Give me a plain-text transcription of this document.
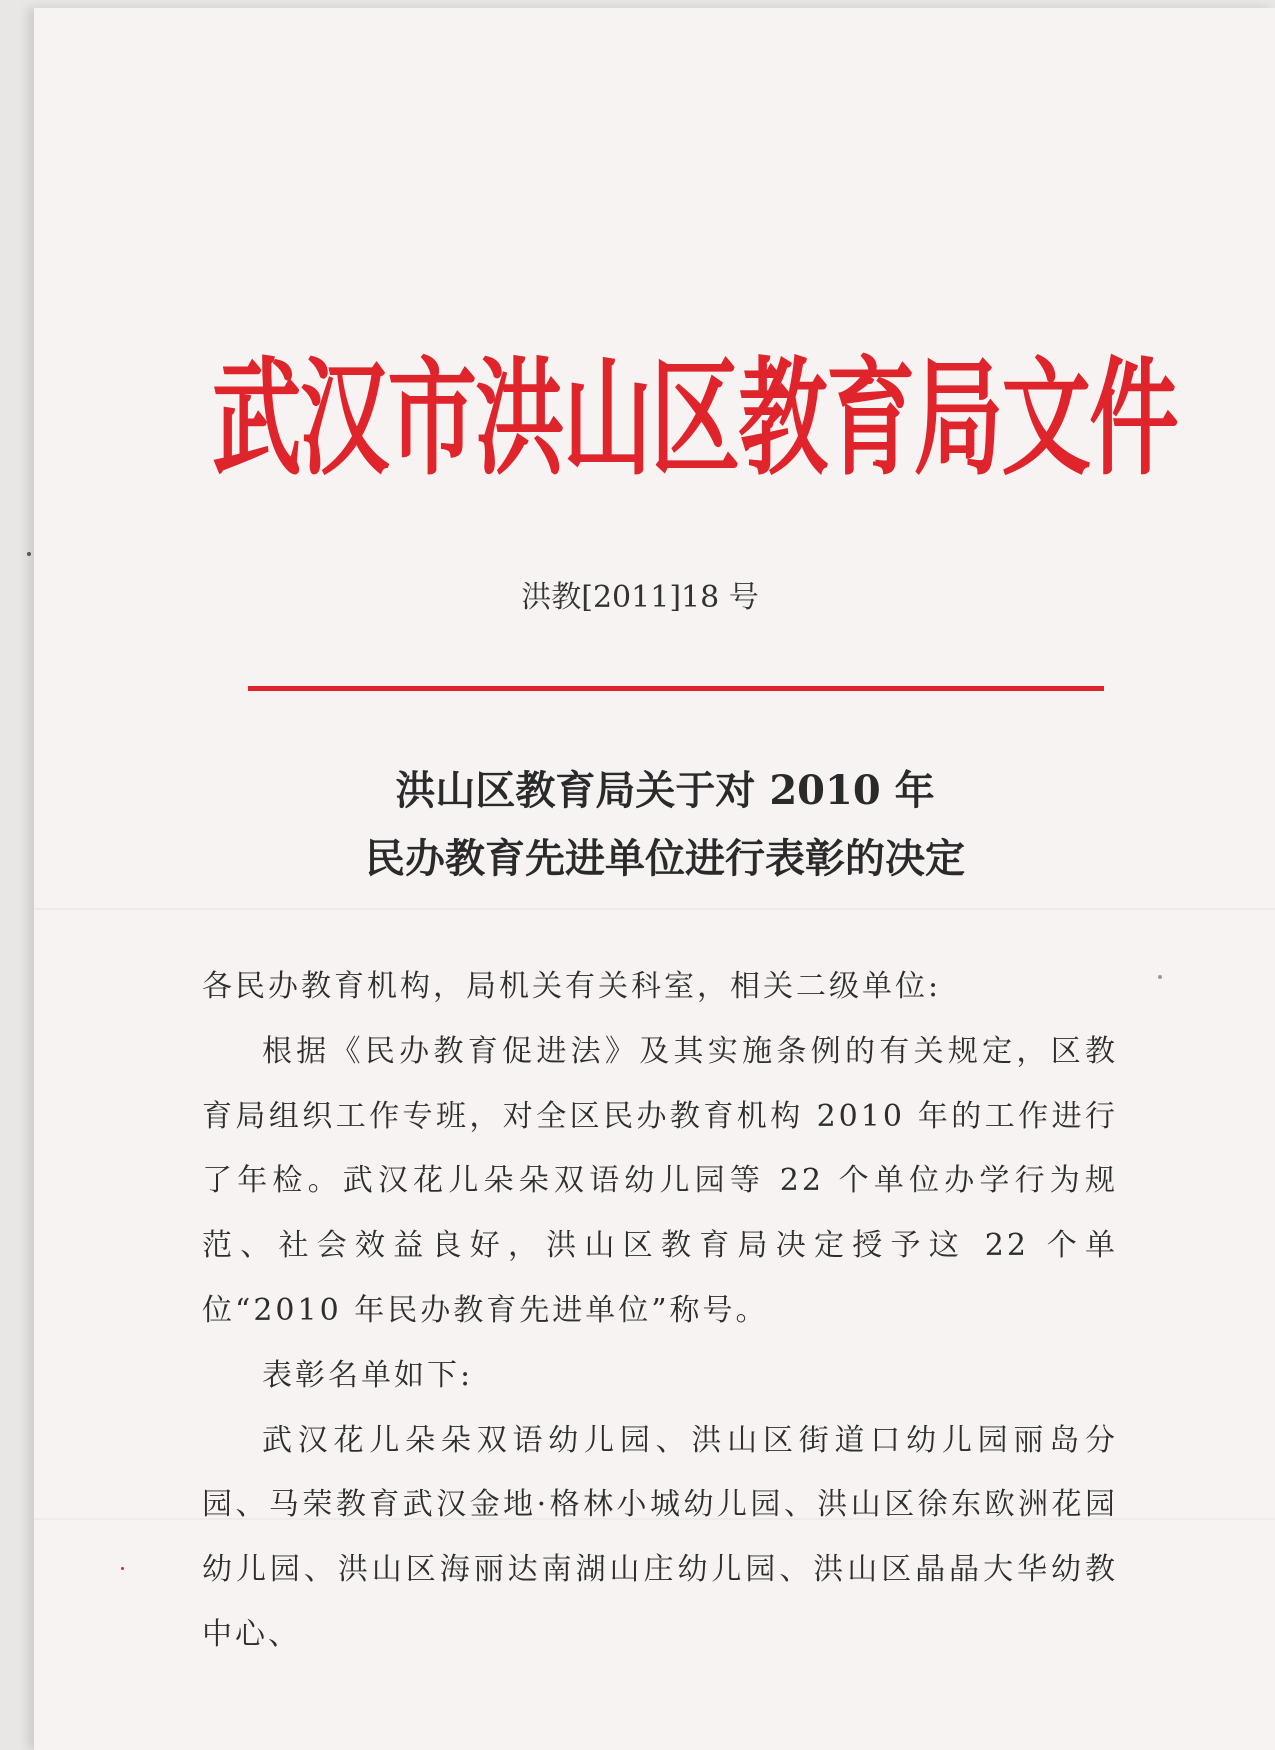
武汉市洪山区教育局文件
洪教[2011]18 号
洪山区教育局关于对 2010 年
民办教育先进单位进行表彰的决定

各民办教育机构，局机关有关科室，相关二级单位:

根据《民办教育促进法》及其实施条例的有关规定，区教育局组织工作专班，对全区民办教育机构 2010 年的工作进行了年检。武汉花儿朵朵双语幼儿园等 22 个单位办学行为规范、社会效益良好，洪山区教育局决定授予这 22 个单位“2010 年民办教育先进单位”称号。

表彰名单如下:

武汉花儿朵朵双语幼儿园、洪山区街道口幼儿园丽岛分园、马荣教育武汉金地·格林小城幼儿园、洪山区徐东欧洲花园幼儿园、洪山区海丽达南湖山庄幼儿园、洪山区晶晶大华幼教中心、
